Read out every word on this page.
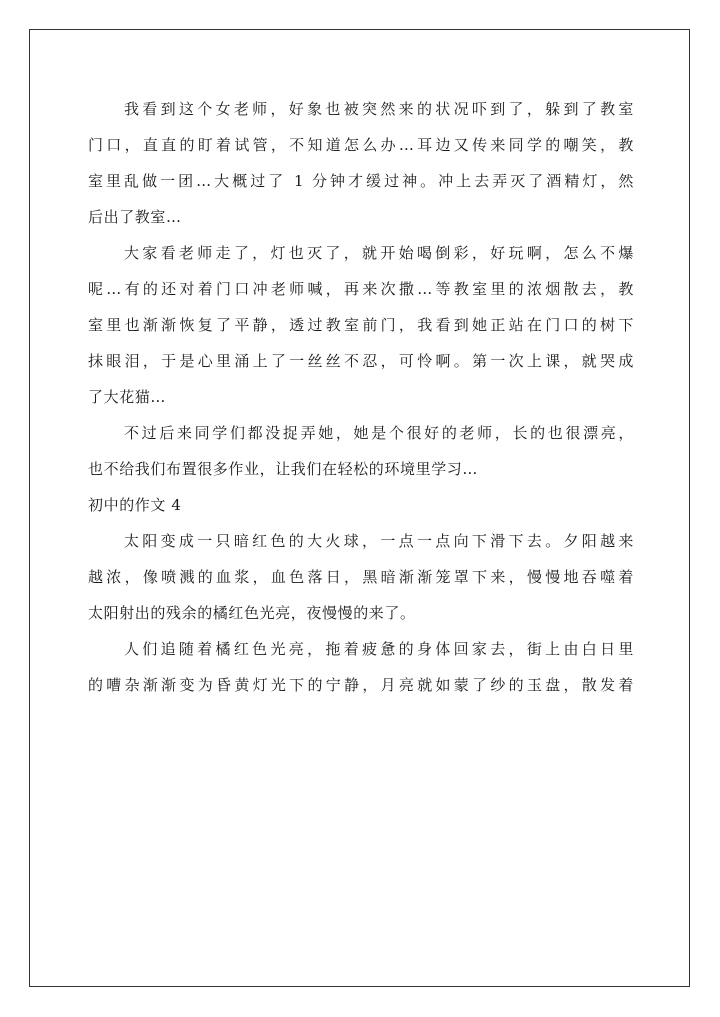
我看到这个女老师，好象也被突然来的状况吓到了，躲到了教室
门口，直直的盯着试管，不知道怎么办…耳边又传来同学的嘲笑，教
室里乱做一团…大概过了 1 分钟才缓过神。冲上去弄灭了酒精灯，然
后出了教室…
大家看老师走了，灯也灭了，就开始喝倒彩，好玩啊，怎么不爆
呢…有的还对着门口冲老师喊，再来次撒…等教室里的浓烟散去，教
室里也渐渐恢复了平静，透过教室前门，我看到她正站在门口的树下
抹眼泪，于是心里涌上了一丝丝不忍，可怜啊。第一次上课，就哭成
了大花猫…
不过后来同学们都没捉弄她，她是个很好的老师，长的也很漂亮，
也不给我们布置很多作业，让我们在轻松的环境里学习…

初中的作文 4

太阳变成一只暗红色的大火球，一点一点向下滑下去。夕阳越来
越浓，像喷溅的血浆，血色落日，黑暗渐渐笼罩下来，慢慢地吞噬着
太阳射出的残余的橘红色光亮，夜慢慢的来了。
人们追随着橘红色光亮，拖着疲惫的身体回家去，街上由白日里
的嘈杂渐渐变为昏黄灯光下的宁静，月亮就如蒙了纱的玉盘，散发着
